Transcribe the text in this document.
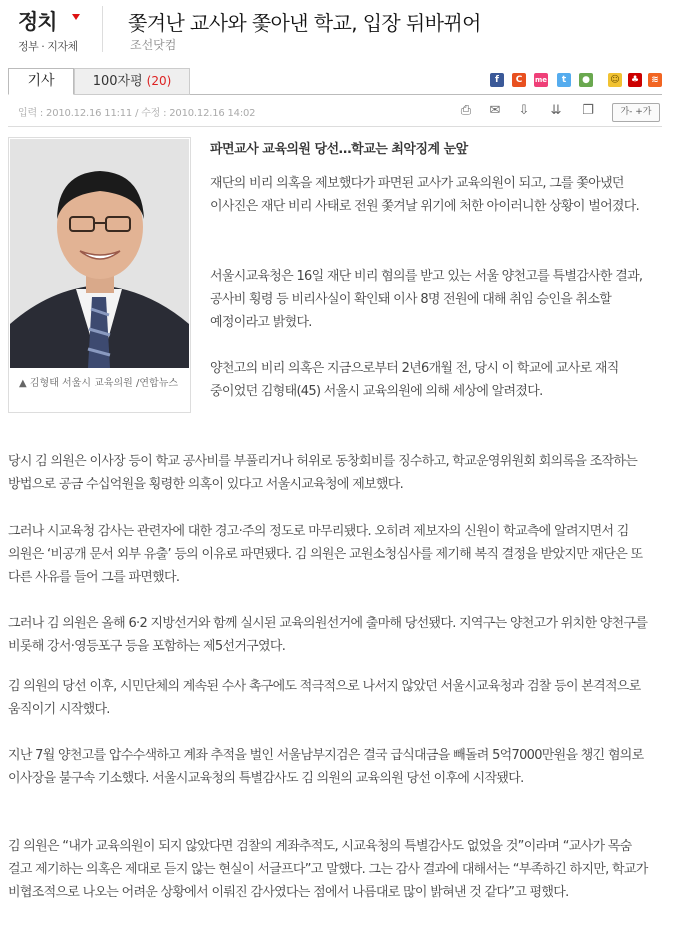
정치
정부 · 지자체
쫓겨난 교사와 쫓아낸 학교, 입장 뒤바뀌어
조선닷컴
기사	100자평 (20)	f	C	me	t	●	☺	♣	≋
입력 : 2010.12.16 11:11 / 수정 : 2010.12.16 14:02	⎙ ✉ ⇩	⇊	❐	가- +가
▲ 김형태 서울시 교육의원 /연합뉴스
파면교사 교육의원 당선…학교는 최악징계 눈앞

재단의 비리 의혹을 제보했다가 파면된 교사가 교육의원이 되고, 그를 쫓아냈던 이사진은 재단 비리 사태로 전원 쫓겨날 위기에 처한 아이러니한 상황이 벌어졌다.

서울시교육청은 16일 재단 비리 혐의를 받고 있는 서울 양천고를 특별감사한 결과, 공사비 횡령 등 비리사실이 확인돼 이사 8명 전원에 대해 취임 승인을 취소할 예정이라고 밝혔다.

양천고의 비리 의혹은 지금으로부터 2년6개월 전, 당시 이 학교에 교사로 재직 중이었던 김형태(45) 서울시 교육의원에 의해 세상에 알려졌다.

당시 김 의원은 이사장 등이 학교 공사비를 부풀리거나 허위로 동창회비를 징수하고, 학교운영위원회 회의록을 조작하는 방법으로 공금 수십억원을 횡령한 의혹이 있다고 서울시교육청에 제보했다.

그러나 시교육청 감사는 관련자에 대한 경고·주의 정도로 마무리됐다. 오히려 제보자의 신원이 학교측에 알려지면서 김 의원은 ‘비공개 문서 외부 유출’ 등의 이유로 파면됐다. 김 의원은 교원소청심사를 제기해 복직 결정을 받았지만 재단은 또 다른 사유를 들어 그를 파면했다.

그러나 김 의원은 올해 6·2 지방선거와 함께 실시된 교육의원선거에 출마해 당선됐다. 지역구는 양천고가 위치한 양천구를 비롯해 강서·영등포구 등을 포함하는 제5선거구였다.

김 의원의 당선 이후, 시민단체의 계속된 수사 촉구에도 적극적으로 나서지 않았던 서울시교육청과 검찰 등이 본격적으로 움직이기 시작했다.

지난 7월 양천고를 압수수색하고 계좌 추적을 벌인 서울남부지검은 결국 급식대금을 빼돌려 5억7000만원을 챙긴 혐의로 이사장을 불구속 기소했다. 서울시교육청의 특별감사도 김 의원의 교육의원 당선 이후에 시작됐다.

김 의원은 “내가 교육의원이 되지 않았다면 검찰의 계좌추적도, 시교육청의 특별감사도 없었을 것”이라며 “교사가 목숨 걸고 제기하는 의혹은 제대로 듣지 않는 현실이 서글프다”고 말했다. 그는 감사 결과에 대해서는 “부족하긴 하지만, 학교가 비협조적으로 나오는 어려운 상황에서 이뤄진 감사였다는 점에서 나름대로 많이 밝혀낸 것 같다”고 평했다.
